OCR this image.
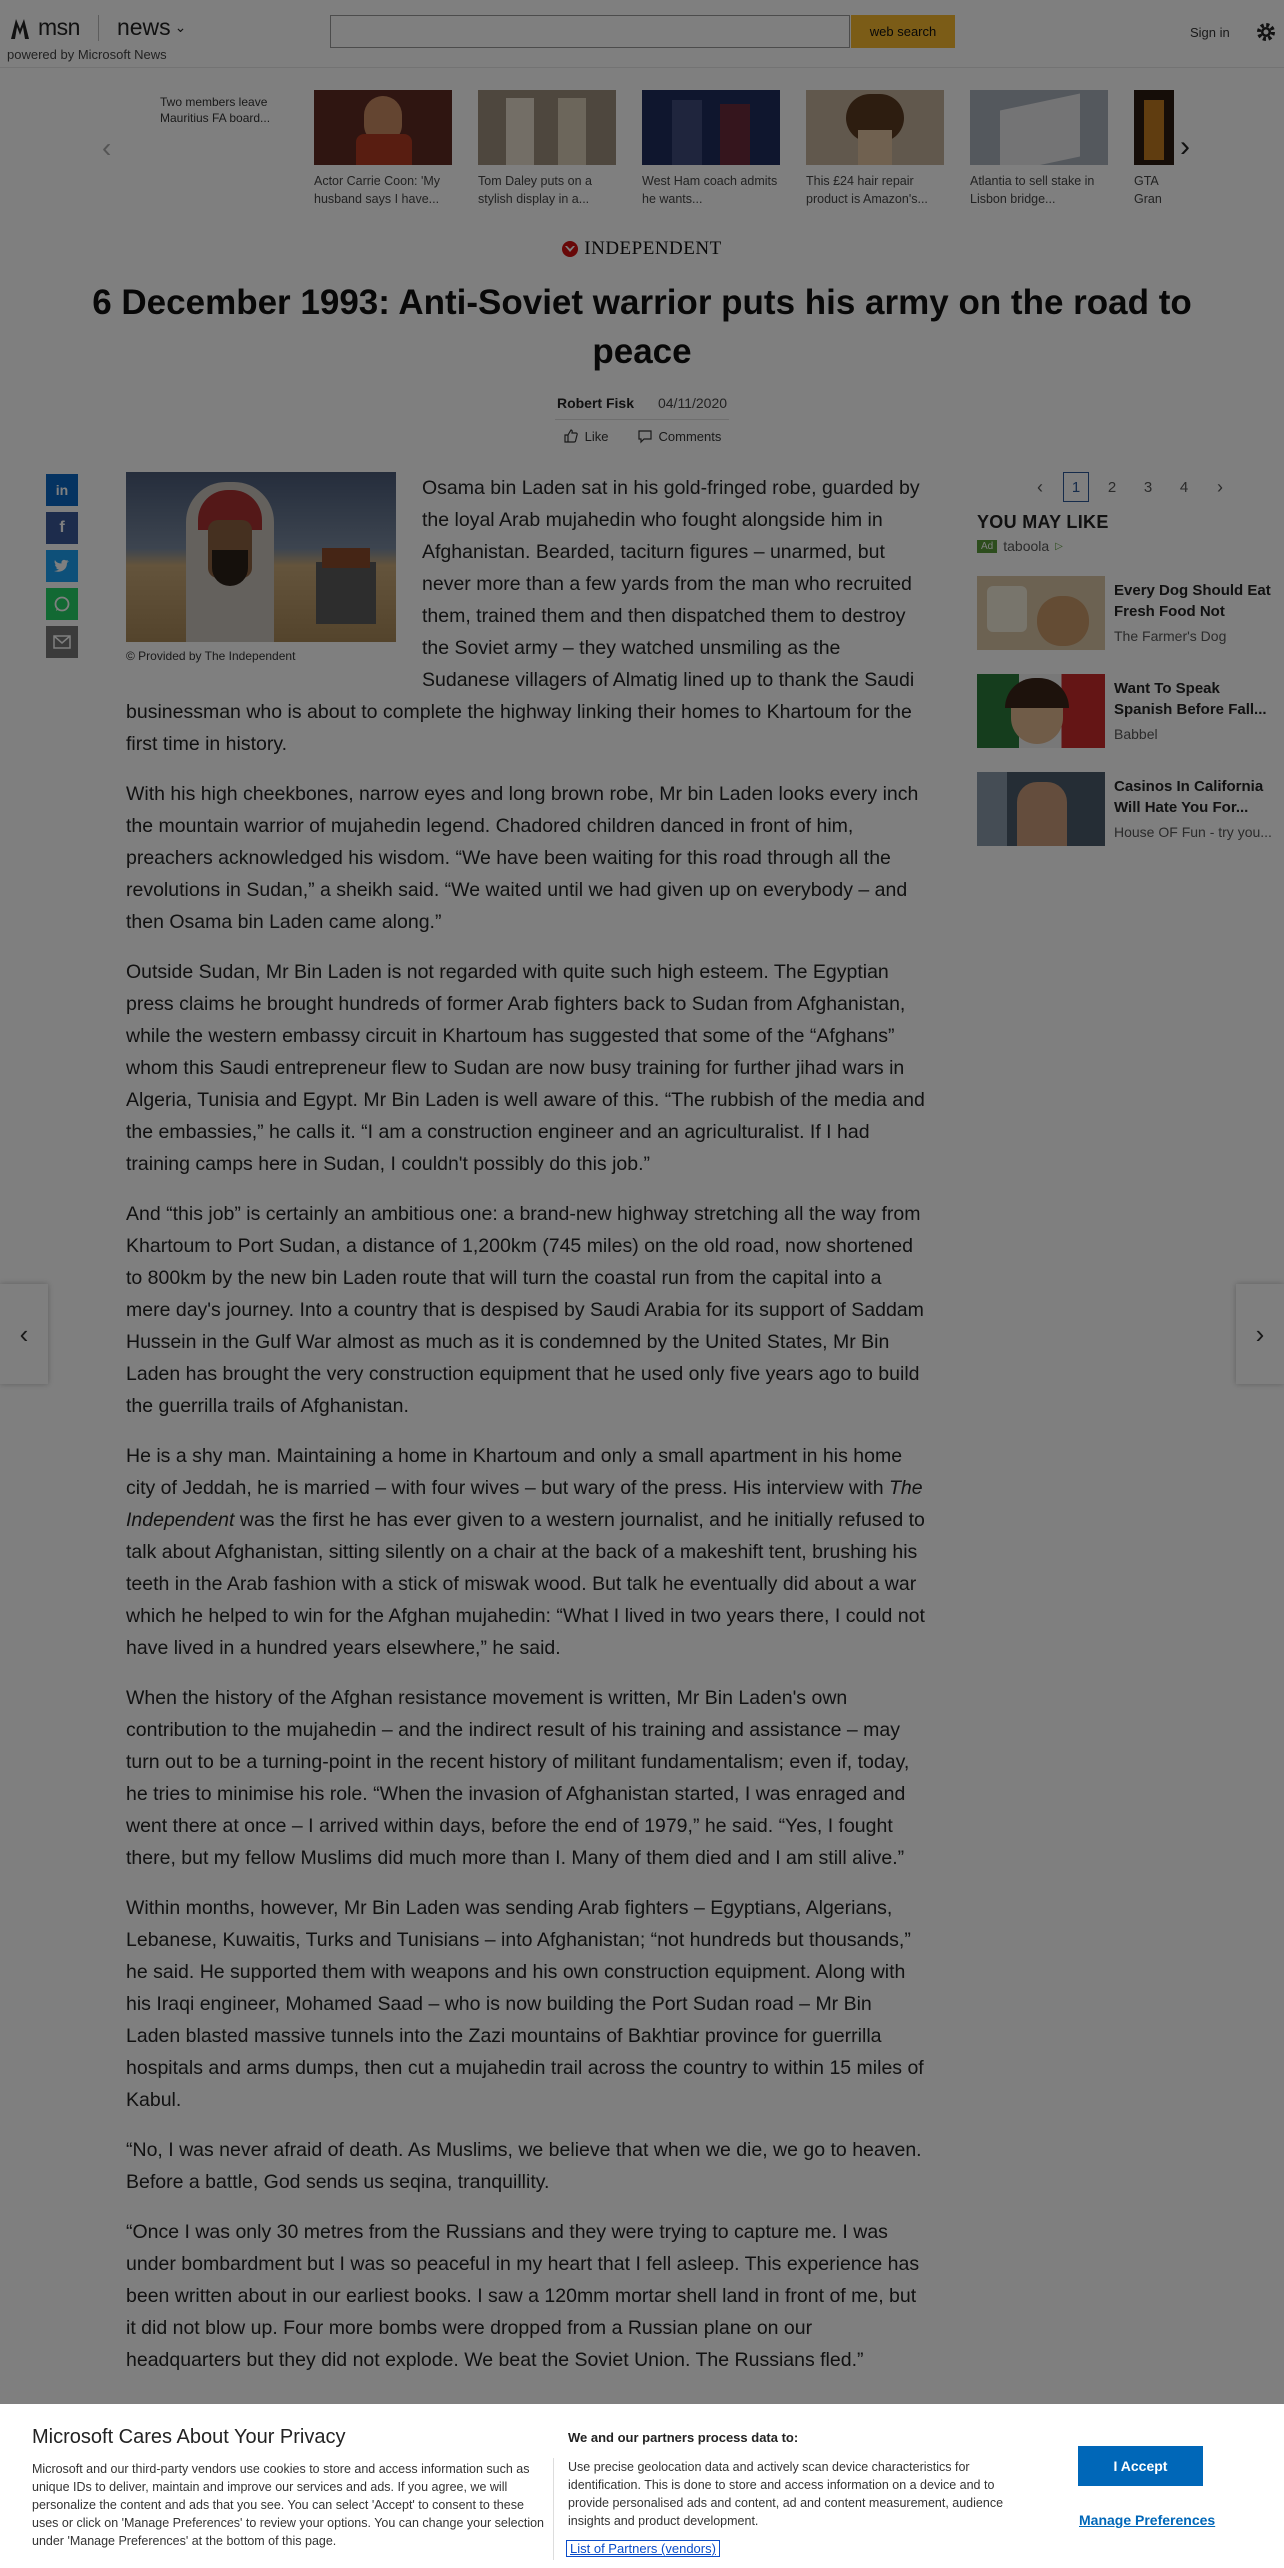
Microsoft Cares About Your Privacy
Microsoft and our third-party vendors use cookies to store and access information such as unique IDs to deliver, maintain and improve our services and ads. If you agree, we will personalize the content and ads that you see. You can select 'Accept' to consent to these uses or click on 'Manage Preferences' to review your options. You can change your selection under 'Manage Preferences' at the bottom of this page.
We and our partners process data to:
Use precise geolocation data and actively scan device characteristics for identification. This is done to store and access information on a device and to provide personalised ads and content, ad and content measurement, audience insights and product development.
List of Partners (vendors)
I Accept
Manage Preferences
